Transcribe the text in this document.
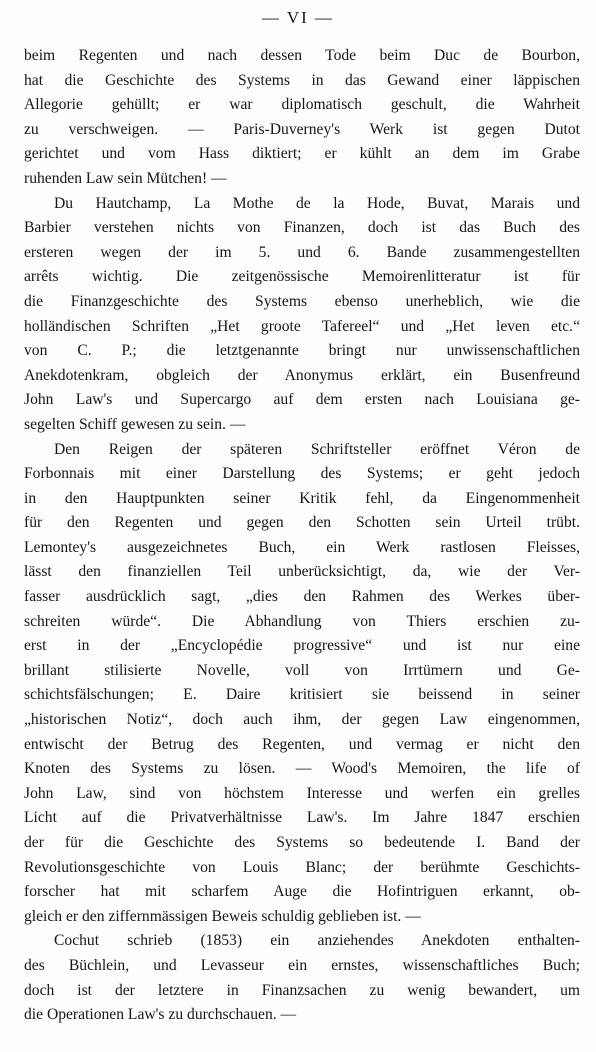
— VI —
beim Regenten und nach dessen Tode beim Duc de Bourbon,
hat die Geschichte des Systems in das Gewand einer läppischen
Allegorie gehüllt; er war diplomatisch geschult, die Wahrheit
zu verschweigen. — Paris-Duverney's Werk ist gegen Dutot
gerichtet und vom Hass diktiert; er kühlt an dem im Grabe
ruhenden Law sein Mütchen! —
Du Hautchamp, La Mothe de la Hode, Buvat, Marais und
Barbier verstehen nichts von Finanzen, doch ist das Buch des
ersteren wegen der im 5. und 6. Bande zusammengestellten
arrêts wichtig. Die zeitgenössische Memoirenlitteratur ist für
die Finanzgeschichte des Systems ebenso unerheblich, wie die
holländischen Schriften „Het groote Tafereel“ und „Het leven etc.“
von C. P.; die letztgenannte bringt nur unwissenschaftlichen
Anekdotenkram, obgleich der Anonymus erklärt, ein Busenfreund
John Law's und Supercargo auf dem ersten nach Louisiana ge-
segelten Schiff gewesen zu sein. —
Den Reigen der späteren Schriftsteller eröffnet Véron de
Forbonnais mit einer Darstellung des Systems; er geht jedoch
in den Hauptpunkten seiner Kritik fehl, da Eingenommenheit
für den Regenten und gegen den Schotten sein Urteil trübt.
Lemontey's ausgezeichnetes Buch, ein Werk rastlosen Fleisses,
lässt den finanziellen Teil unberücksichtigt, da, wie der Ver-
fasser ausdrücklich sagt, „dies den Rahmen des Werkes über-
schreiten würde“. Die Abhandlung von Thiers erschien zu-
erst in der „Encyclopédie progressive“ und ist nur eine
brillant stilisierte Novelle, voll von Irrtümern und Ge-
schichtsfälschungen; E. Daire kritisiert sie beissend in seiner
„historischen Notiz“, doch auch ihm, der gegen Law eingenommen,
entwischt der Betrug des Regenten, und vermag er nicht den
Knoten des Systems zu lösen. — Wood's Memoiren, the life of
John Law, sind von höchstem Interesse und werfen ein grelles
Licht auf die Privatverhältnisse Law's. Im Jahre 1847 erschien
der für die Geschichte des Systems so bedeutende I. Band der
Revolutionsgeschichte von Louis Blanc; der berühmte Geschichts-
forscher hat mit scharfem Auge die Hofintriguen erkannt, ob-
gleich er den ziffernmässigen Beweis schuldig geblieben ist. —
Cochut schrieb (1853) ein anziehendes Anekdoten enthalten-
des Büchlein, und Levasseur ein ernstes, wissenschaftliches Buch;
doch ist der letztere in Finanzsachen zu wenig bewandert, um
die Operationen Law's zu durchschauen. —
